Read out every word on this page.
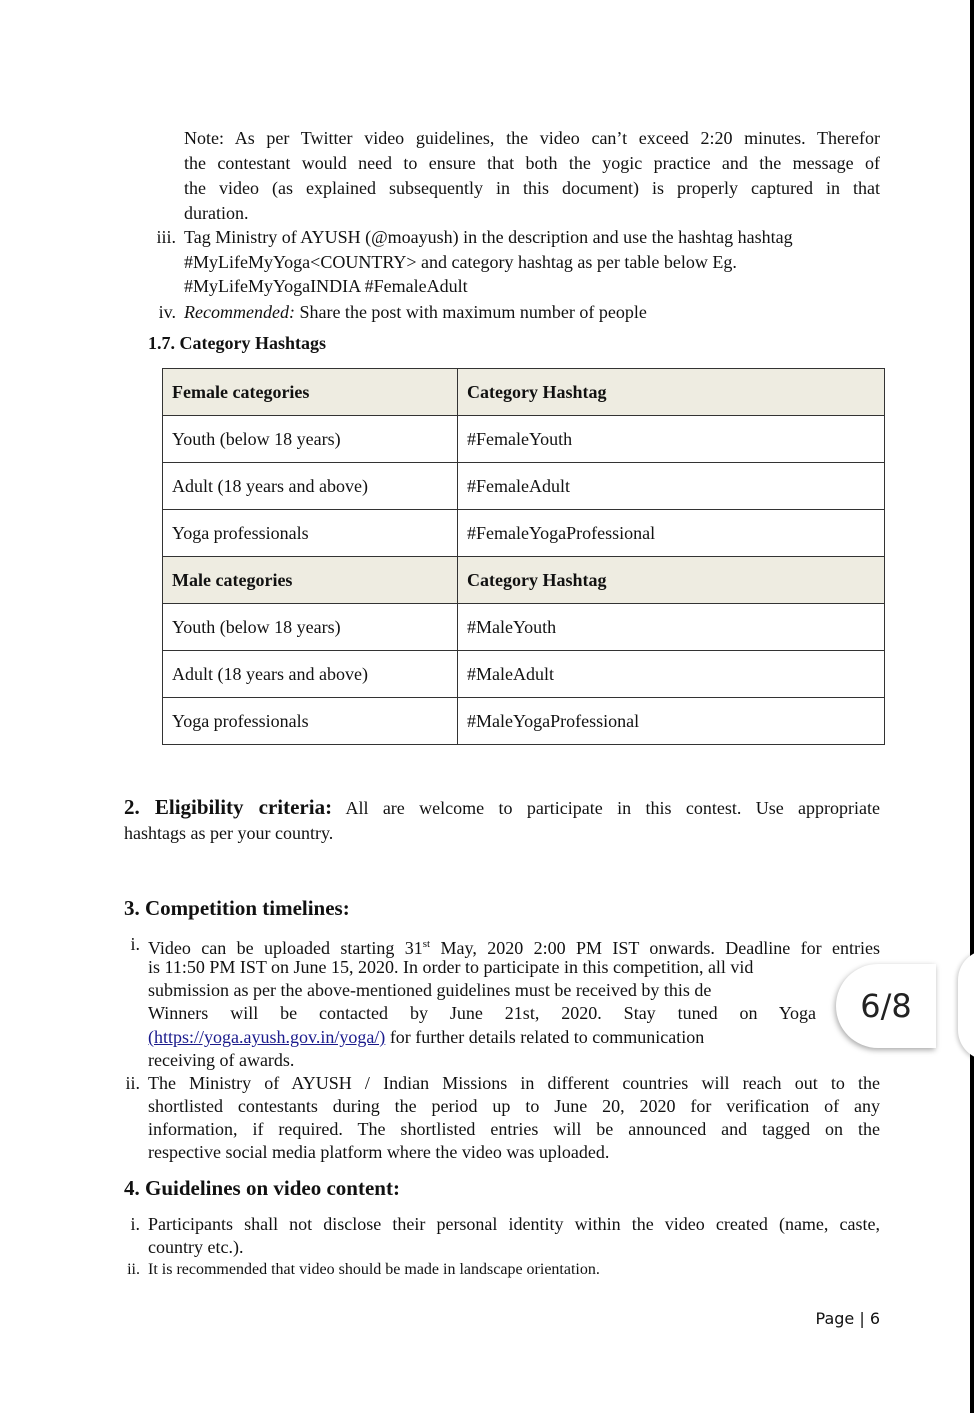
Note: As per Twitter video guidelines, the video can’t exceed 2:20 minutes. Therefor
the contestant would need to ensure that both the yogic practice and the message of
the video (as explained subsequently in this document) is properly captured in that
duration.
iii. Tag Ministry of AYUSH (@moayush) in the description and use the hashtag hashtag
#MyLifeMyYoga<COUNTRY> and category hashtag as per table below Eg.
#MyLifeMyYogaINDIA #FemaleAdult
iv. Recommended: Share the post with maximum number of people
1.7. Category Hashtags
Female categories	Category Hashtag
Youth (below 18 years)	#FemaleYouth
Adult (18 years and above)	#FemaleAdult
Yoga professionals	#FemaleYogaProfessional
Male categories	Category Hashtag
Youth (below 18 years)	#MaleYouth
Adult (18 years and above)	#MaleAdult
Yoga professionals	#MaleYogaProfessional
2. Eligibility criteria: All are welcome to participate in this contest. Use appropriate
hashtags as per your country.
3. Competition timelines:
i. Video can be uploaded starting 31st May, 2020 2:00 PM IST onwards. Deadline for entries
is 11:50 PM IST on June 15, 2020. In order to participate in this competition, all vid
submission as per the above-mentioned guidelines must be received by this de
Winners will be contacted by June 21st, 2020. Stay tuned on Yoga
(https://yoga.ayush.gov.in/yoga/) for further details related to communication
receiving of awards.
ii. The Ministry of AYUSH / Indian Missions in different countries will reach out to the
shortlisted contestants during the period up to June 20, 2020 for verification of any
information, if required. The shortlisted entries will be announced and tagged on the
respective social media platform where the video was uploaded.
4. Guidelines on video content:
i. Participants shall not disclose their personal identity within the video created (name, caste,
country etc.).
ii. It is recommended that video should be made in landscape orientation.
Page | 6
6/8
